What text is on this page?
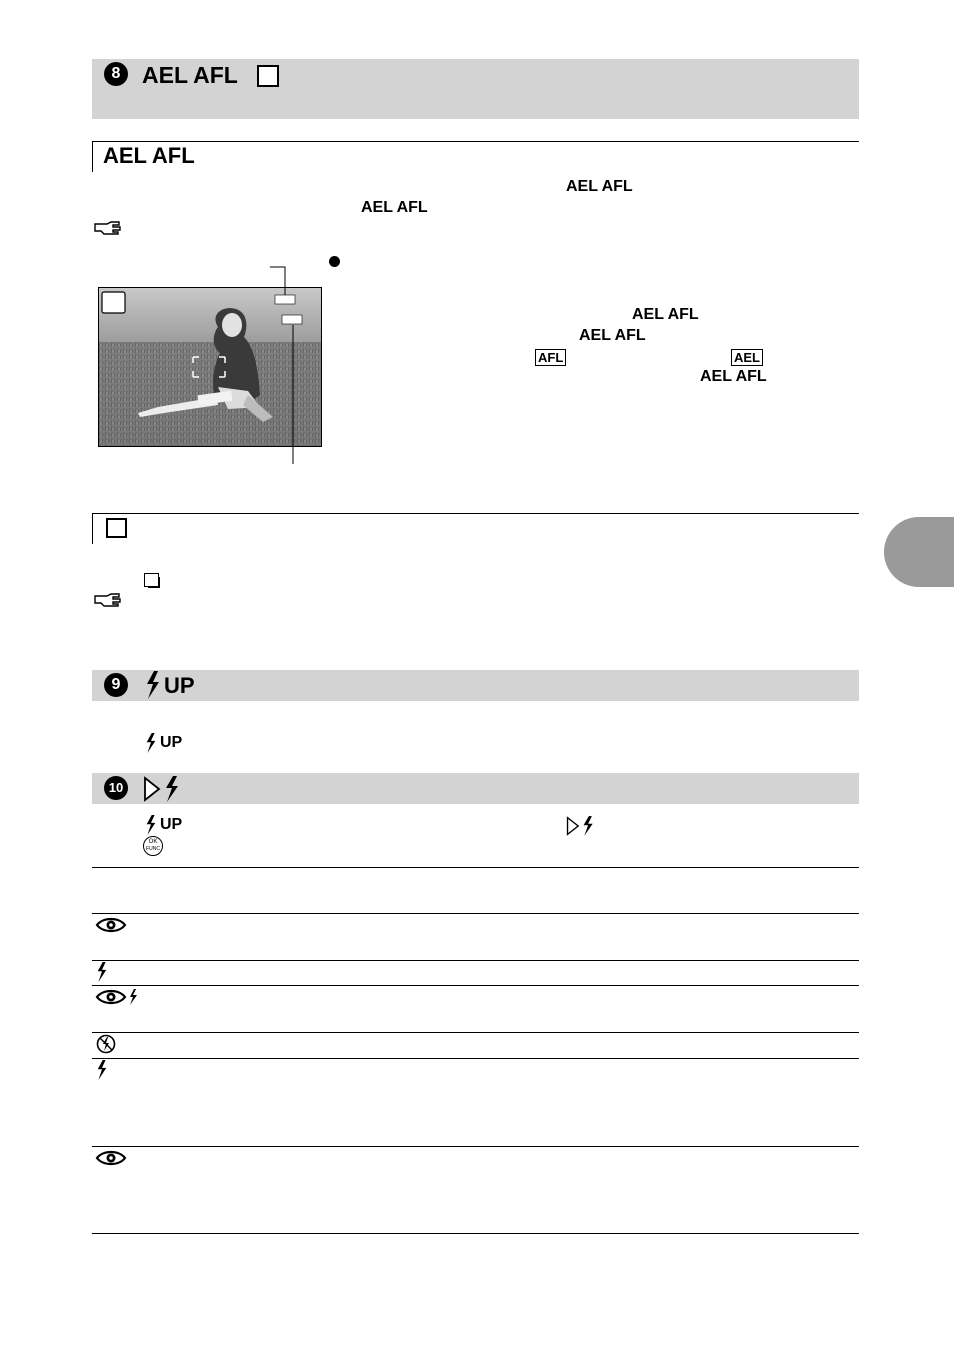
8 AEL AFL
AEL AFL
AEL AFL
AEL AFL
AEL AFL
AEL AFL
AFL	AEL
AEL AFL
9	UP
UP
10
UP
OK
FUNC
